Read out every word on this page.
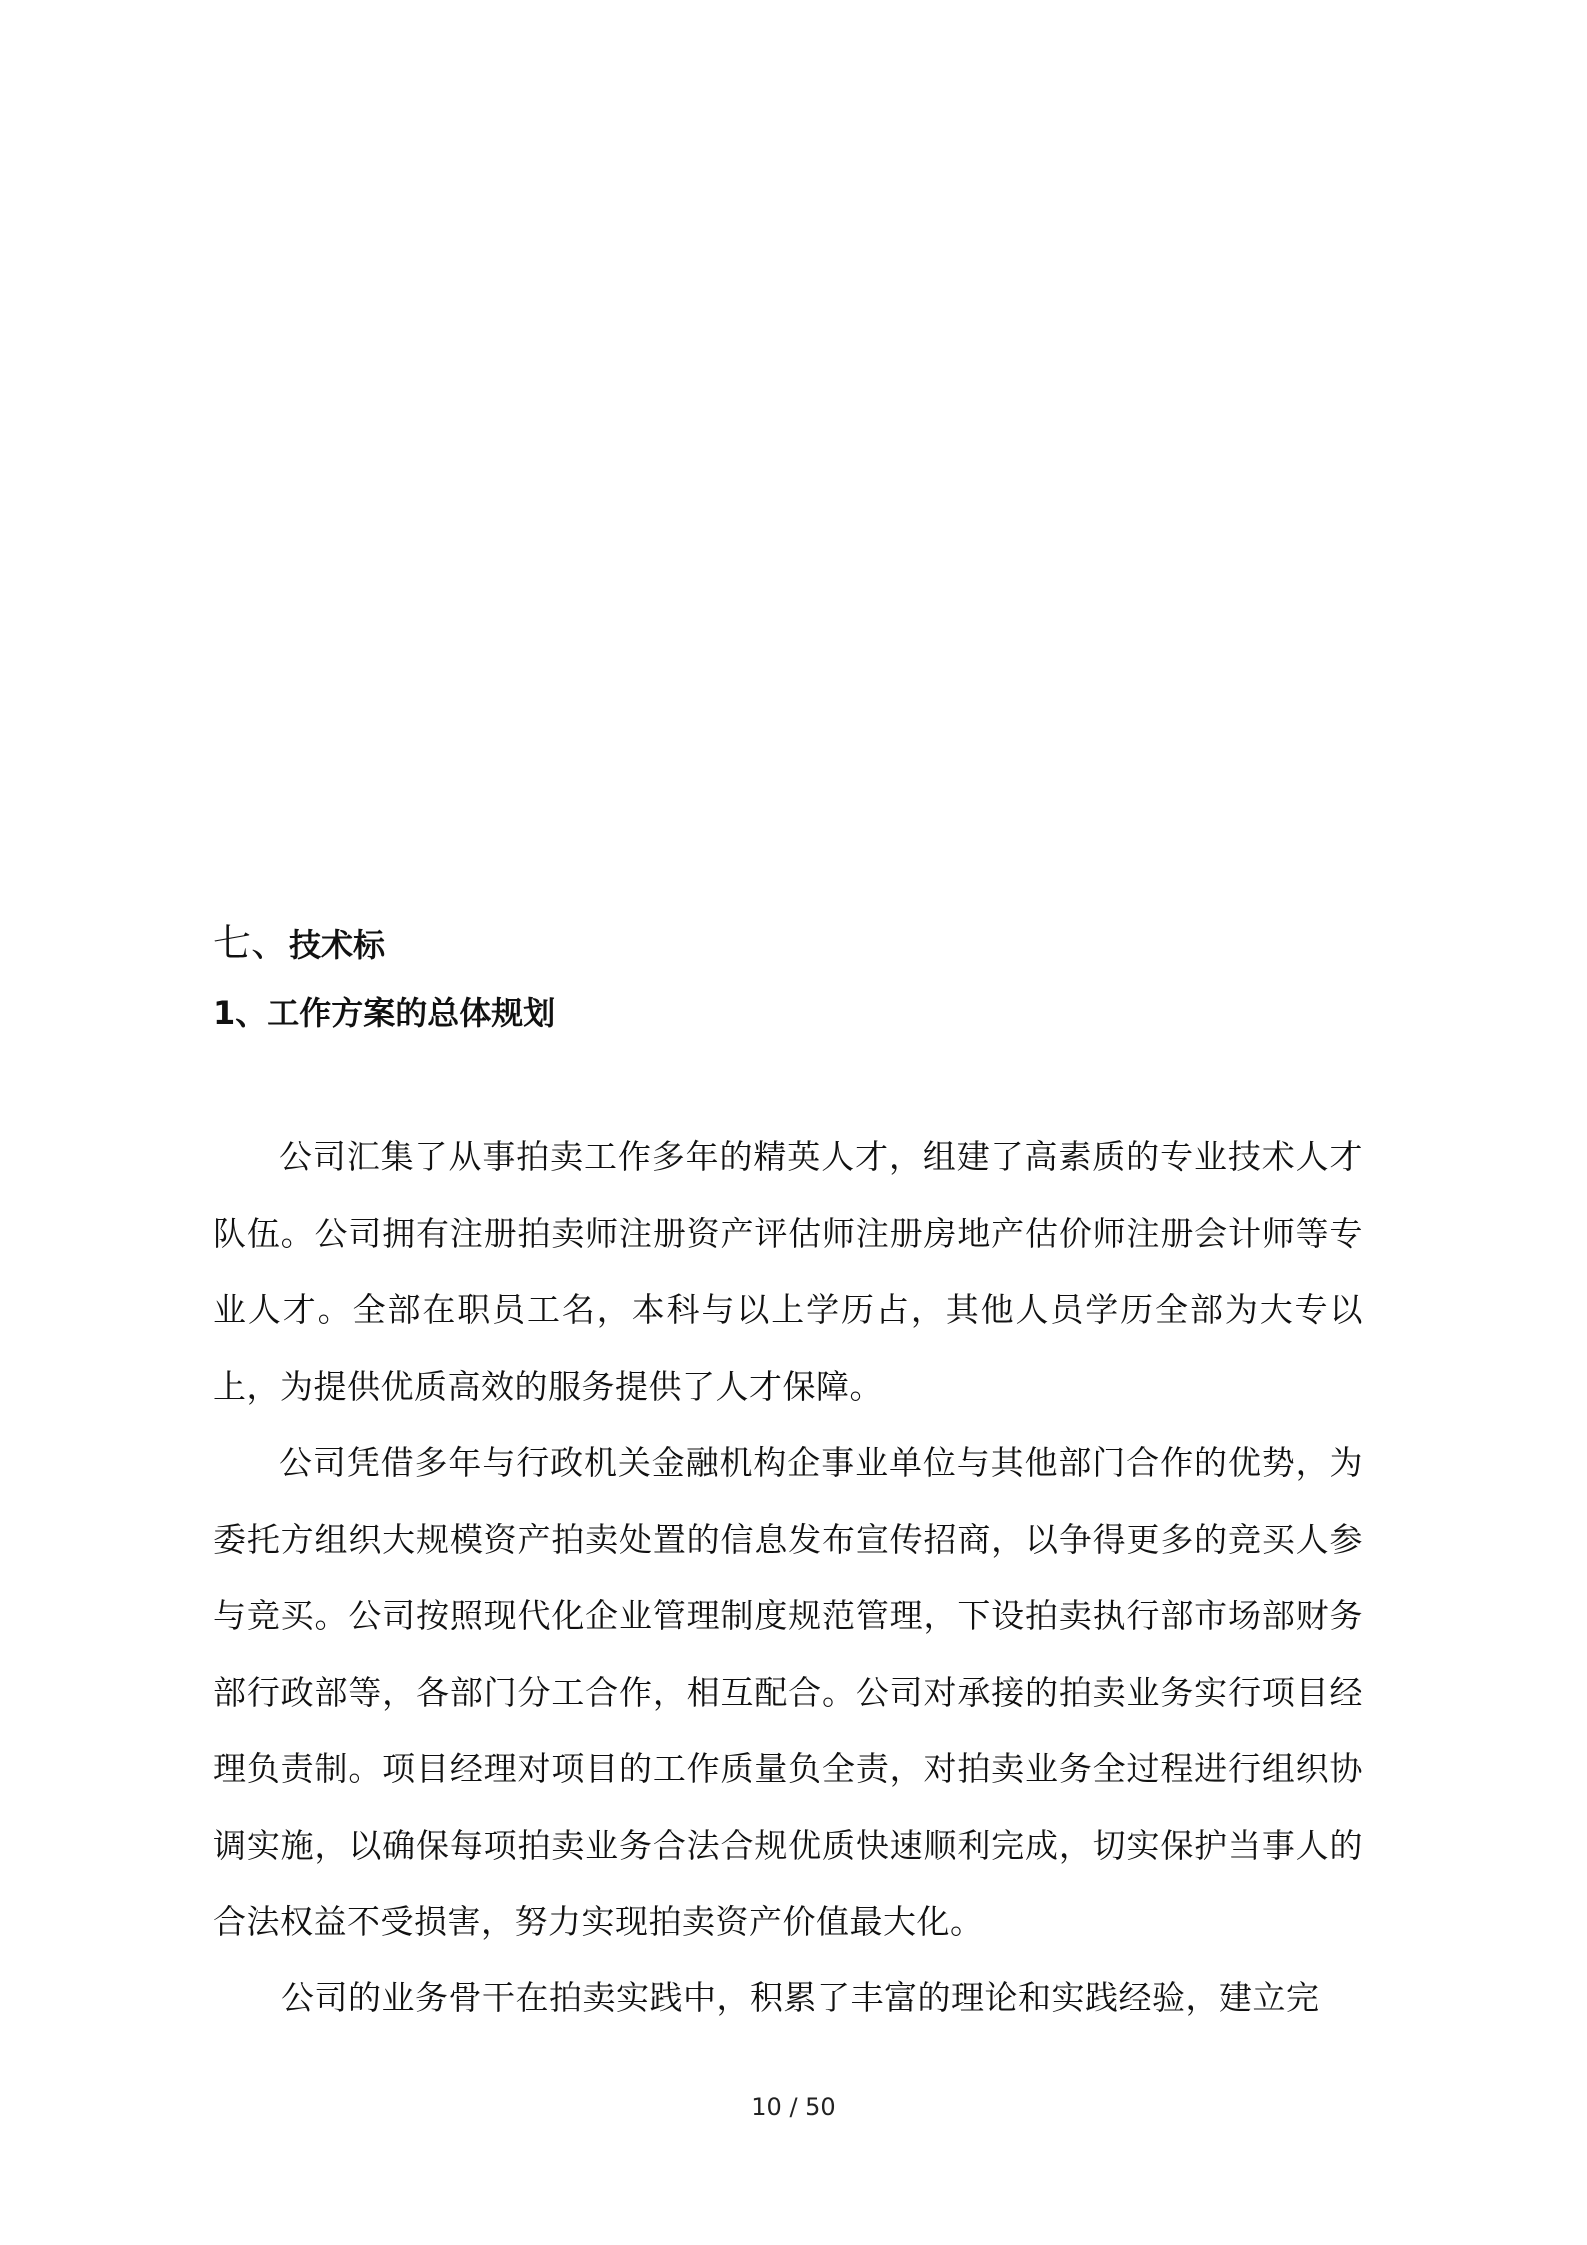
七、技术标
1、工作方案的总体规划

公司汇集了从事拍卖工作多年的精英人才，组建了高素质的专业技术人才队伍。公司拥有注册拍卖师注册资产评估师注册房地产估价师注册会计师等专业人才。全部在职员工名，本科与以上学历占，其他人员学历全部为大专以上，为提供优质高效的服务提供了人才保障。

公司凭借多年与行政机关金融机构企事业单位与其他部门合作的优势，为委托方组织大规模资产拍卖处置的信息发布宣传招商，以争得更多的竞买人参与竞买。公司按照现代化企业管理制度规范管理，下设拍卖执行部市场部财务部行政部等，各部门分工合作，相互配合。公司对承接的拍卖业务实行项目经理负责制。项目经理对项目的工作质量负全责，对拍卖业务全过程进行组织协调实施，以确保每项拍卖业务合法合规优质快速顺利完成，切实保护当事人的合法权益不受损害，努力实现拍卖资产价值最大化。

公司的业务骨干在拍卖实践中，积累了丰富的理论和实践经验，建立完

10 / 50
